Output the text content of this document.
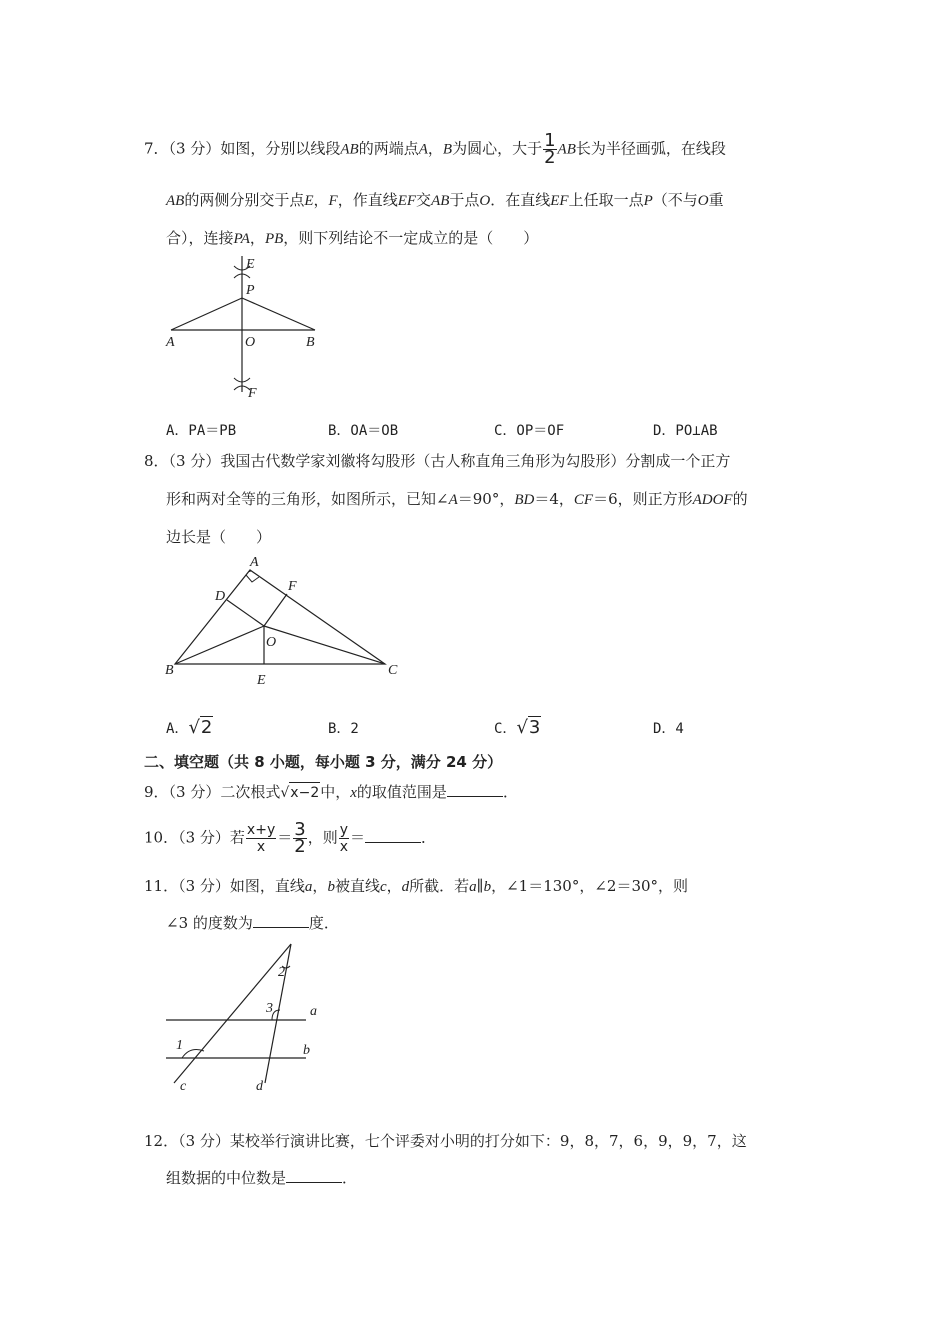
7．（3 分）如图，分别以线段AB的两端点A，B为圆心，大于 $\frac{1}{2}$ AB长为半径画弧，在线段
AB的两侧分别交于点E，F，作直线EF交AB于点O．在直线EF上任取一点P（不与O重
合），连接PA，PB，则下列结论不一定成立的是（　　）
E
P
A	O	B
F
A．PA＝PB	B．OA＝OB	C．OP＝OF	D．PO⊥AB
8．（3 分）我国古代数学家刘徽将勾股形（古人称直角三角形为勾股形）分割成一个正方
形和两对全等的三角形，如图所示，已知∠A＝90°，BD＝4，CF＝6，则正方形ADOF的
边长是（　　）
A
D
F
O
B
E
C
A．√2	B．2	C．√3	D．4
二、填空题（共 8 小题，每小题 3 分，满分 24 分）
9．（3 分）二次根式√x−2中，x的取值范围是	．
10．（3 分）若 $\frac{x+y}{x} = \frac{3}{2}$ ，则 $\frac{y}{x}$ ＝	．
11．（3 分）如图，直线a，b被直线c，d所截．若a∥b，∠1＝130°，∠2＝30°，则
∠3 的度数为	度．
1
2
3	a
b
c	d
12．（3 分）某校举行演讲比赛，七个评委对小明的打分如下：9，8，7，6，9，9，7，这
组数据的中位数是	．
